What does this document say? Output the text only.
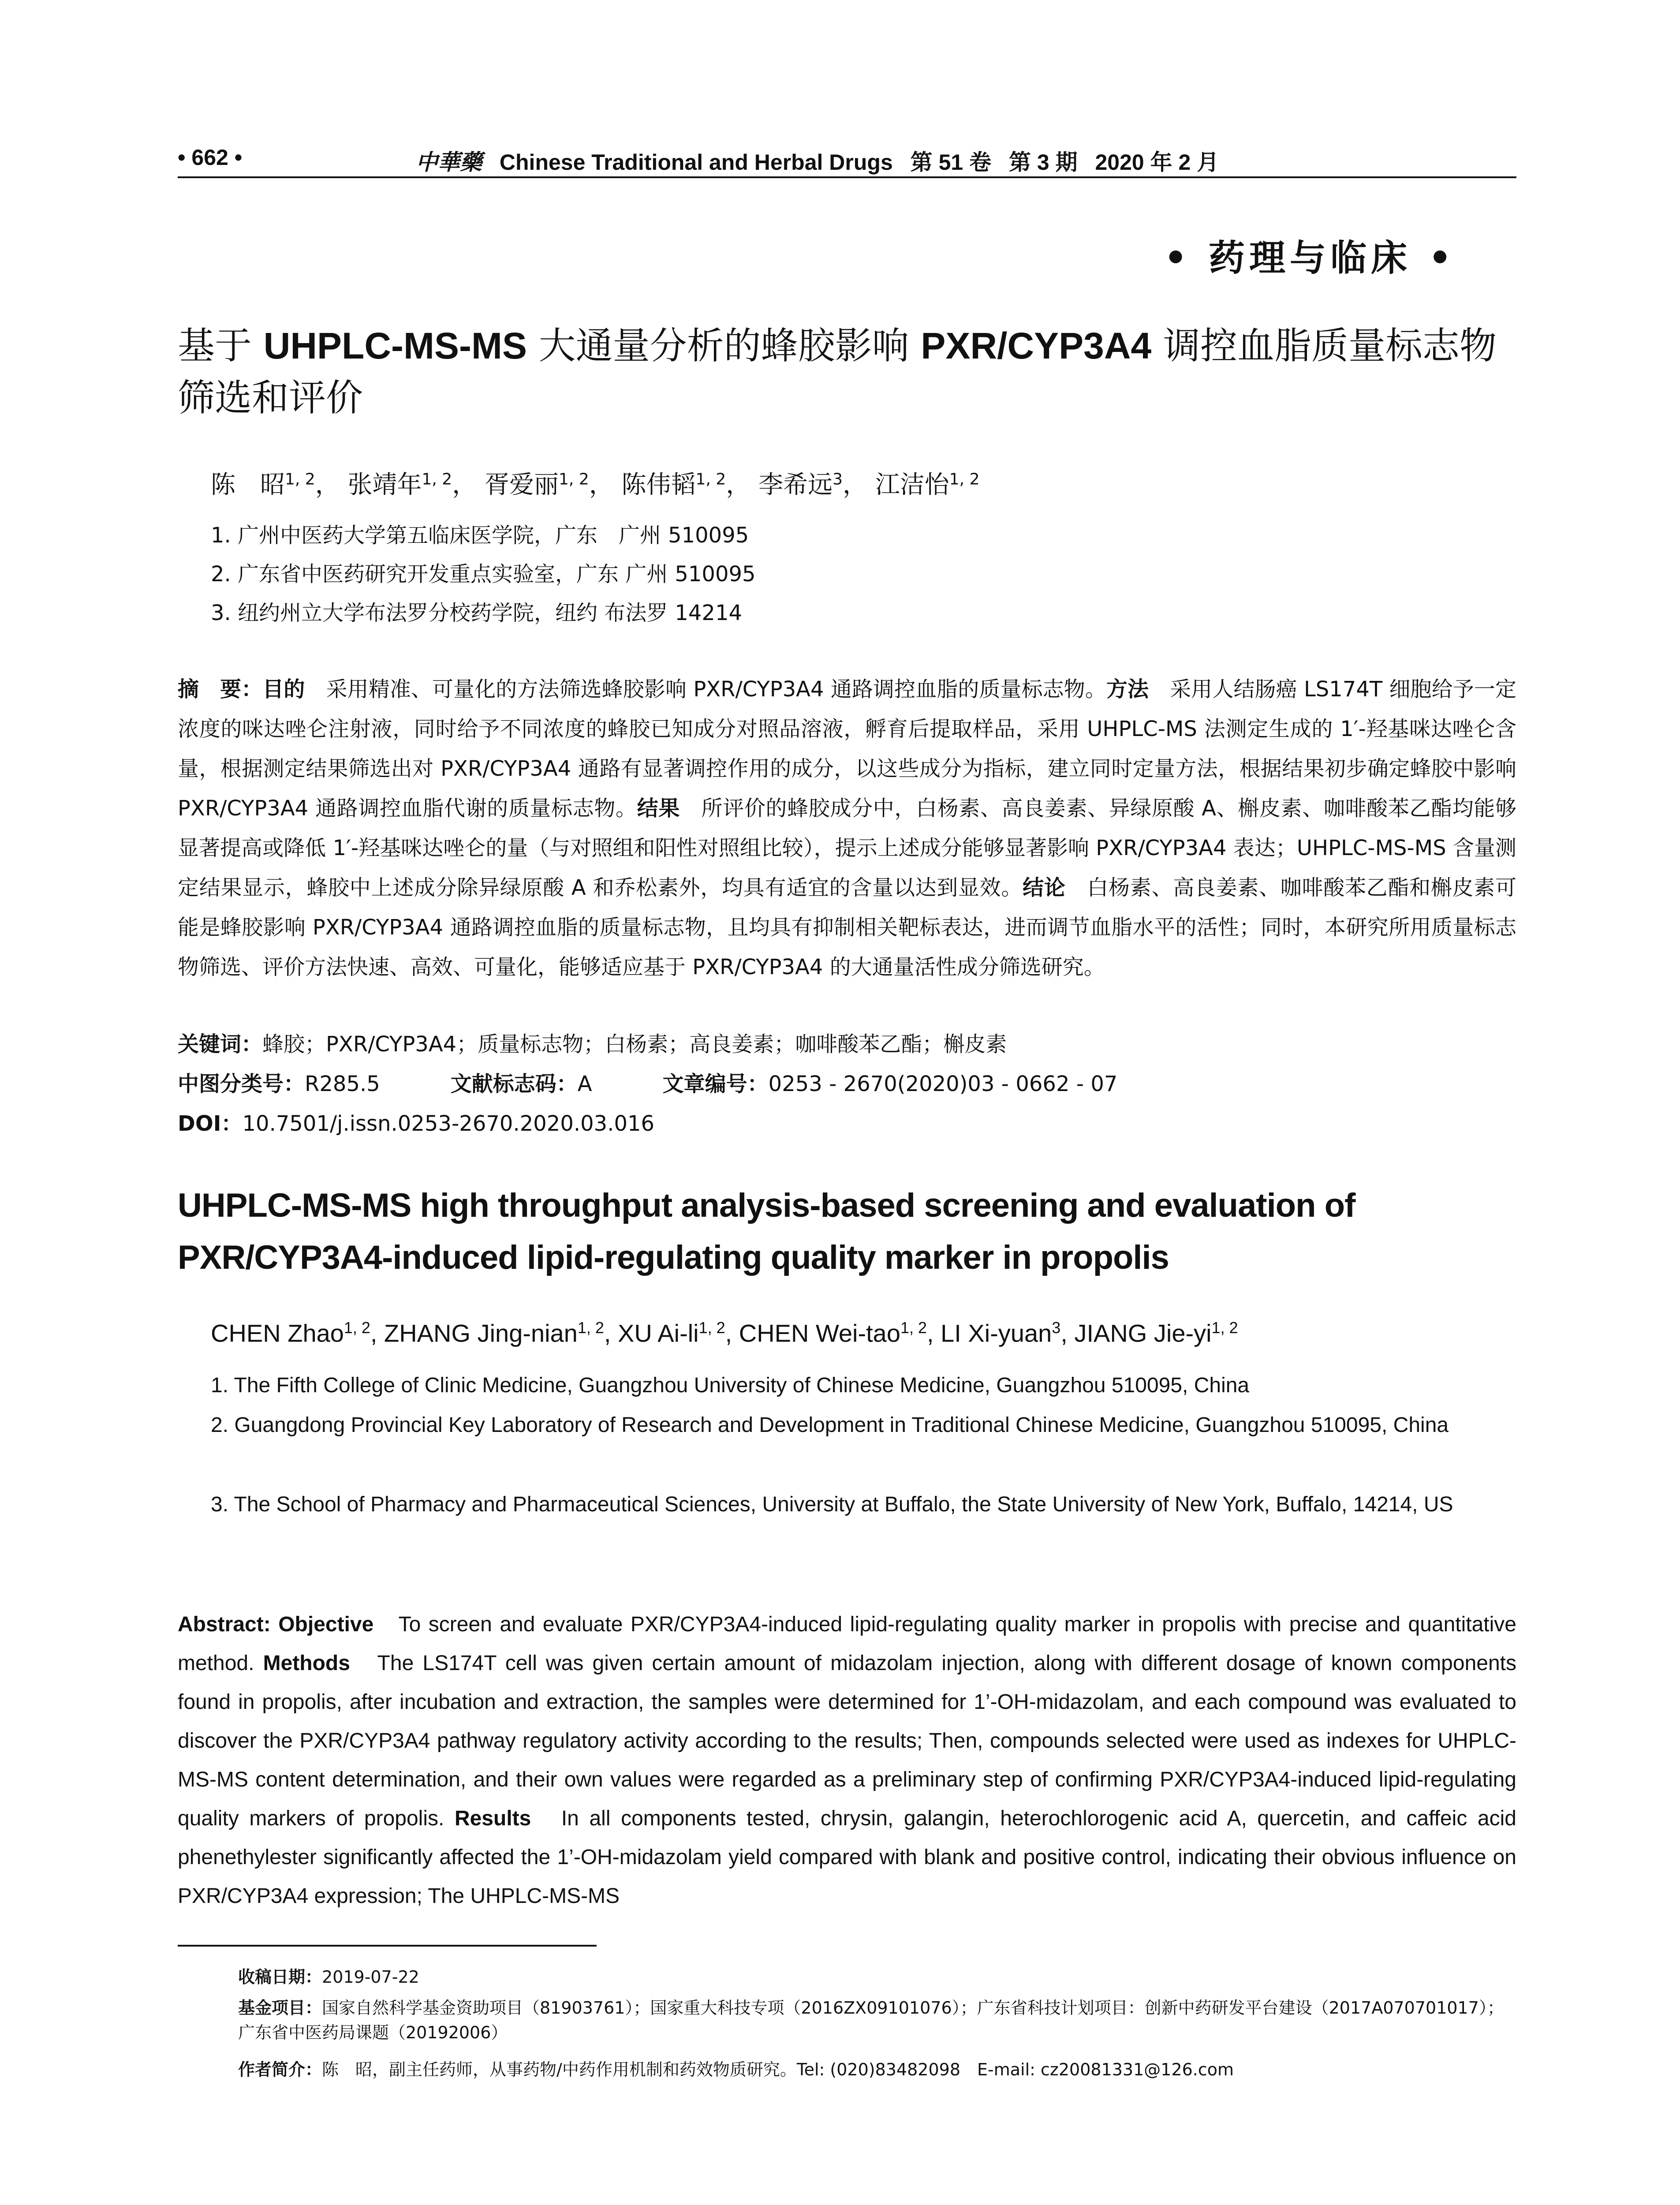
• 662 •	中華藥 Chinese Traditional and Herbal Drugs 第 51 卷 第 3 期 2020 年 2 月
• 药理与临床 •
基于 UHPLC-MS-MS 大通量分析的蜂胶影响 PXR/CYP3A4 调控血脂质量标志物筛选和评价
陈　昭$^{1, 2}$， 张靖年$^{1, 2}$， 胥爱丽$^{1, 2}$， 陈伟韬$^{1, 2}$， 李希远$^3$， 江洁怡$^{1, 2}$
1. 广州中医药大学第五临床医学院，广东　广州 510095
2. 广东省中医药研究开发重点实验室，广东 广州 510095
3. 纽约州立大学布法罗分校药学院，纽约 布法罗 14214
摘　要：目的　采用精准、可量化的方法筛选蜂胶影响 PXR/CYP3A4 通路调控血脂的质量标志物。方法　采用人结肠癌 LS174T 细胞给予一定浓度的咪达唑仑注射液，同时给予不同浓度的蜂胶已知成分对照品溶液，孵育后提取样品，采用 UHPLC-MS 法测定生成的 1′-羟基咪达唑仑含量，根据测定结果筛选出对 PXR/CYP3A4 通路有显著调控作用的成分，以这些成分为指标，建立同时定量方法，根据结果初步确定蜂胶中影响 PXR/CYP3A4 通路调控血脂代谢的质量标志物。结果　所评价的蜂胶成分中，白杨素、高良姜素、异绿原酸 A、槲皮素、咖啡酸苯乙酯均能够显著提高或降低 1′-羟基咪达唑仑的量（与对照组和阳性对照组比较），提示上述成分能够显著影响 PXR/CYP3A4 表达；UHPLC-MS-MS 含量测定结果显示，蜂胶中上述成分除异绿原酸 A 和乔松素外，均具有适宜的含量以达到显效。结论　白杨素、高良姜素、咖啡酸苯乙酯和槲皮素可能是蜂胶影响 PXR/CYP3A4 通路调控血脂的质量标志物，且均具有抑制相关靶标表达，进而调节血脂水平的活性；同时，本研究所用质量标志物筛选、评价方法快速、高效、可量化，能够适应基于 PXR/CYP3A4 的大通量活性成分筛选研究。
关键词：蜂胶；PXR/CYP3A4；质量标志物；白杨素；高良姜素；咖啡酸苯乙酯；槲皮素
中图分类号：R285.5	文献标志码：A	文章编号：0253 - 2670(2020)03 - 0662 - 07
DOI：10.7501/j.issn.0253-2670.2020.03.016
UHPLC-MS-MS high throughput analysis-based screening and evaluation of PXR/CYP3A4-induced lipid-regulating quality marker in propolis
CHEN Zhao$^{1, 2}$, ZHANG Jing-nian$^{1, 2}$, XU Ai-li$^{1, 2}$, CHEN Wei-tao$^{1, 2}$, LI Xi-yuan$^3$, JIANG Jie-yi$^{1, 2}$
1. The Fifth College of Clinic Medicine, Guangzhou University of Chinese Medicine, Guangzhou 510095, China
2. Guangdong Provincial Key Laboratory of Research and Development in Traditional Chinese Medicine, Guangzhou 510095, China
3. The School of Pharmacy and Pharmaceutical Sciences, University at Buffalo, the State University of New York, Buffalo, 14214, US
Abstract: Objective　To screen and evaluate PXR/CYP3A4-induced lipid-regulating quality marker in propolis with precise and quantitative method. Methods　The LS174T cell was given certain amount of midazolam injection, along with different dosage of known components found in propolis, after incubation and extraction, the samples were determined for 1’-OH-midazolam, and each compound was evaluated to discover the PXR/CYP3A4 pathway regulatory activity according to the results; Then, compounds selected were used as indexes for UHPLC-MS-MS content determination, and their own values were regarded as a preliminary step of confirming PXR/CYP3A4-induced lipid-regulating quality markers of propolis. Results　In all components tested, chrysin, galangin, heterochlorogenic acid A, quercetin, and caffeic acid phenethylester significantly affected the 1’-OH-midazolam yield compared with blank and positive control, indicating their obvious influence on PXR/CYP3A4 expression; The UHPLC-MS-MS
收稿日期：2019-07-22
基金项目：国家自然科学基金资助项目（81903761）；国家重大科技专项（2016ZX09101076）；广东省科技计划项目：创新中药研发平台建设（2017A070701017）；广东省中医药局课题（20192006）
作者简介：陈　昭，副主任药师，从事药物/中药作用机制和药效物质研究。Tel: (020)83482098　E-mail: cz20081331@126.com
